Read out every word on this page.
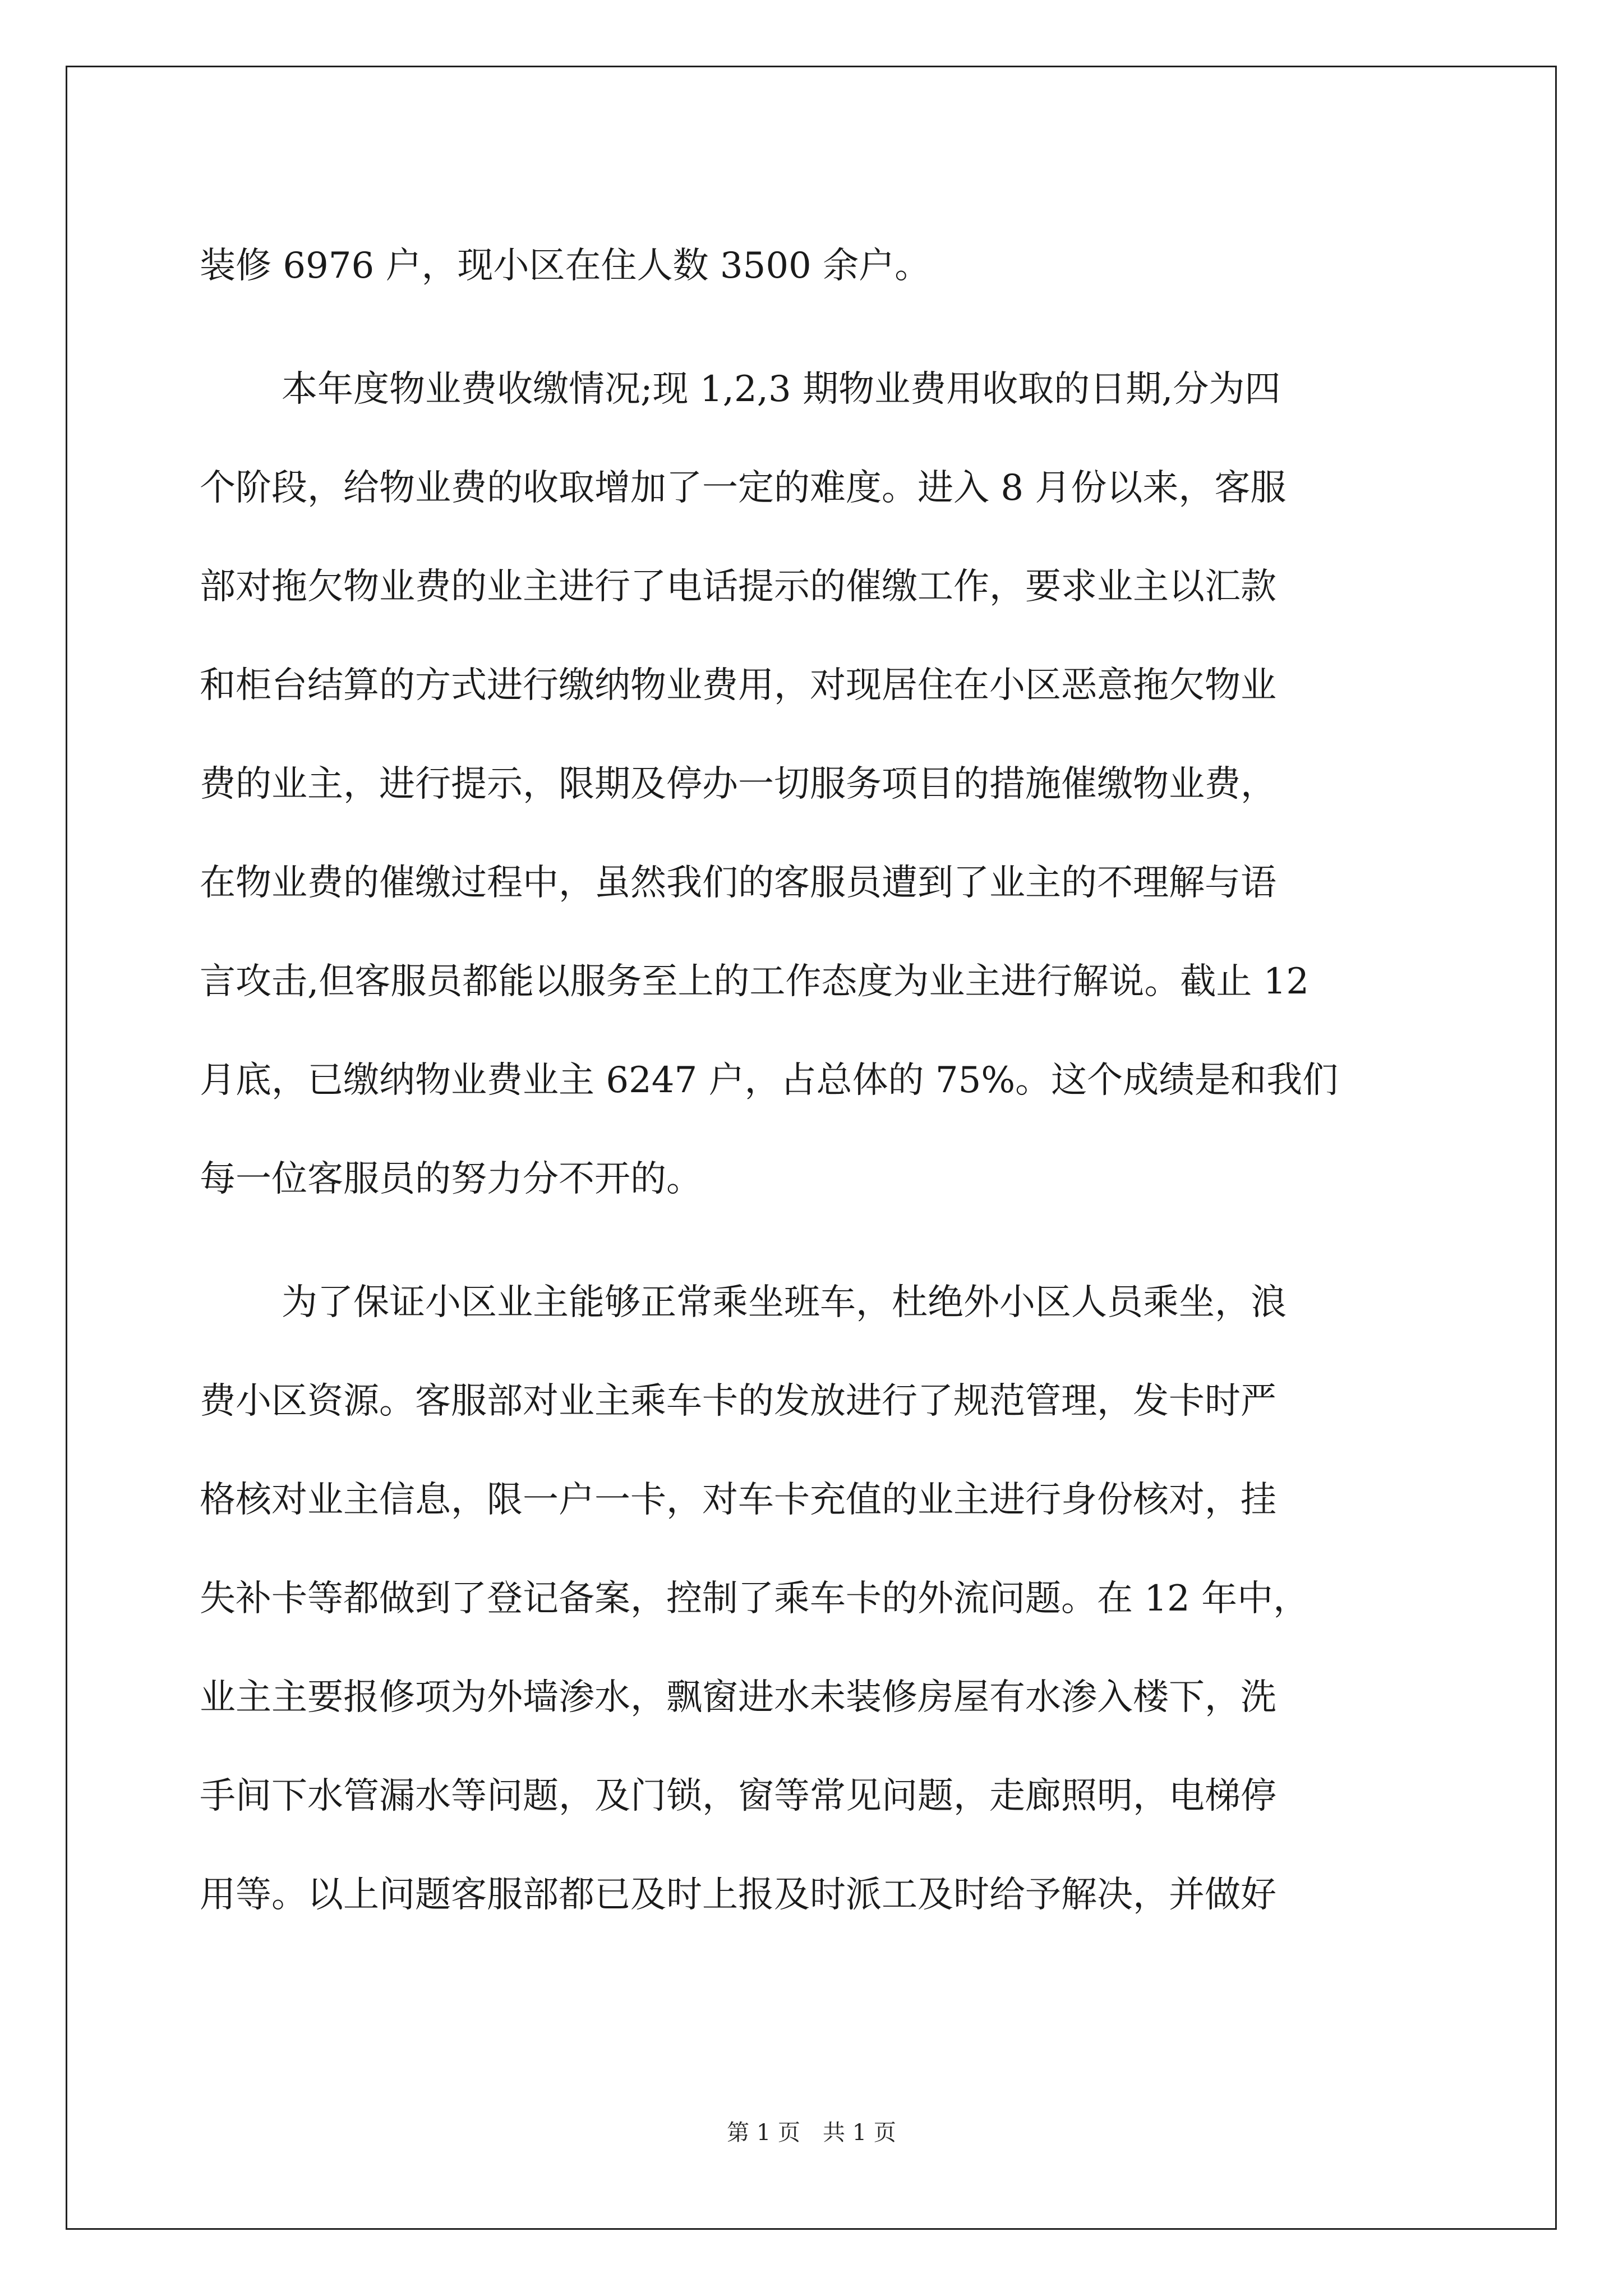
装修 6976 户，现小区在住人数 3500 余户。
本年度物业费收缴情况;现 1,2,3 期物业费用收取的日期,分为四
个阶段，给物业费的收取增加了一定的难度。进入 8 月份以来，客服
部对拖欠物业费的业主进行了电话提示的催缴工作，要求业主以汇款
和柜台结算的方式进行缴纳物业费用，对现居住在小区恶意拖欠物业
费的业主，进行提示，限期及停办一切服务项目的措施催缴物业费，
在物业费的催缴过程中，虽然我们的客服员遭到了业主的不理解与语
言攻击,但客服员都能以服务至上的工作态度为业主进行解说。截止 12
月底，已缴纳物业费业主 6247 户，占总体的 75%。这个成绩是和我们
每一位客服员的努力分不开的。
为了保证小区业主能够正常乘坐班车，杜绝外小区人员乘坐，浪
费小区资源。客服部对业主乘车卡的发放进行了规范管理，发卡时严
格核对业主信息，限一户一卡，对车卡充值的业主进行身份核对，挂
失补卡等都做到了登记备案，控制了乘车卡的外流问题。在 12 年中，
业主主要报修项为外墙渗水，飘窗进水未装修房屋有水渗入楼下，洗
手间下水管漏水等问题，及门锁，窗等常见问题，走廊照明，电梯停
用等。以上问题客服部都已及时上报及时派工及时给予解决，并做好
第 1 页　共 1 页
